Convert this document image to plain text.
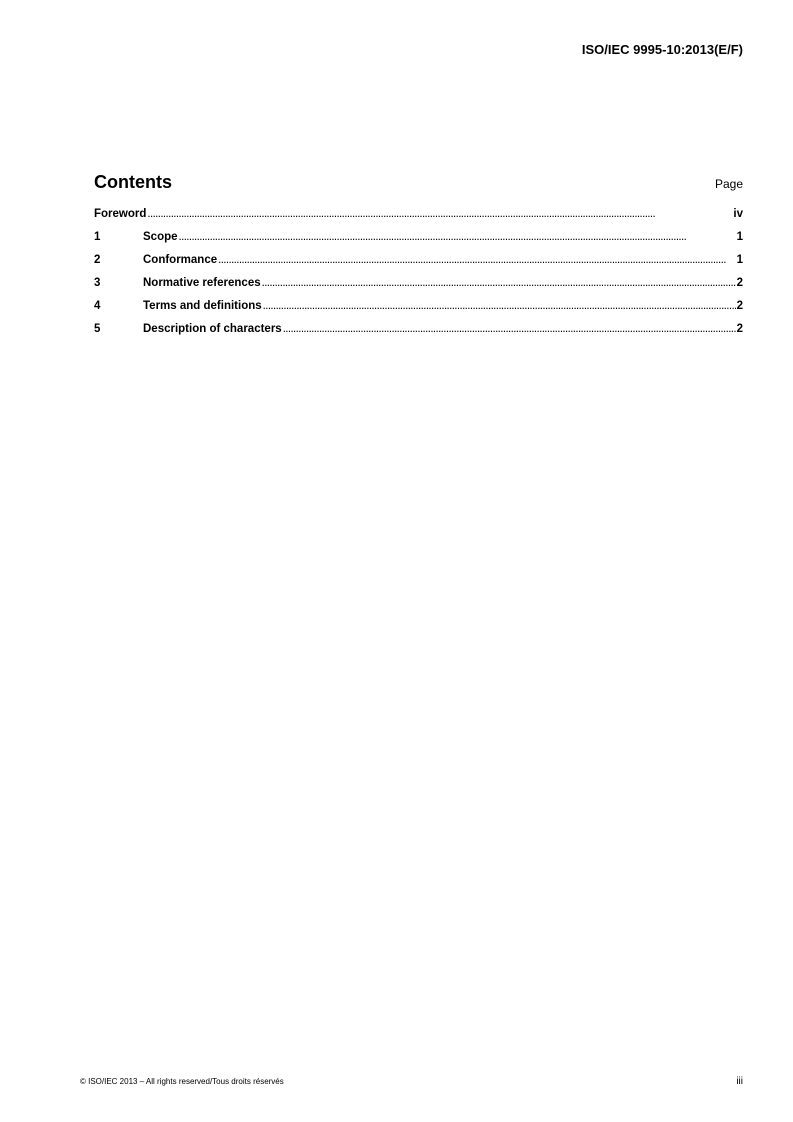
ISO/IEC 9995-10:2013(E/F)
Contents	Page
Foreword . . .	iv
1	Scope . . .	1
2	Conformance . . .	1
3	Normative references . . .	2
4	Terms and definitions . . .	2
5	Description of characters . . .	2
© ISO/IEC 2013 – All rights reserved/Tous droits réservés	iii
